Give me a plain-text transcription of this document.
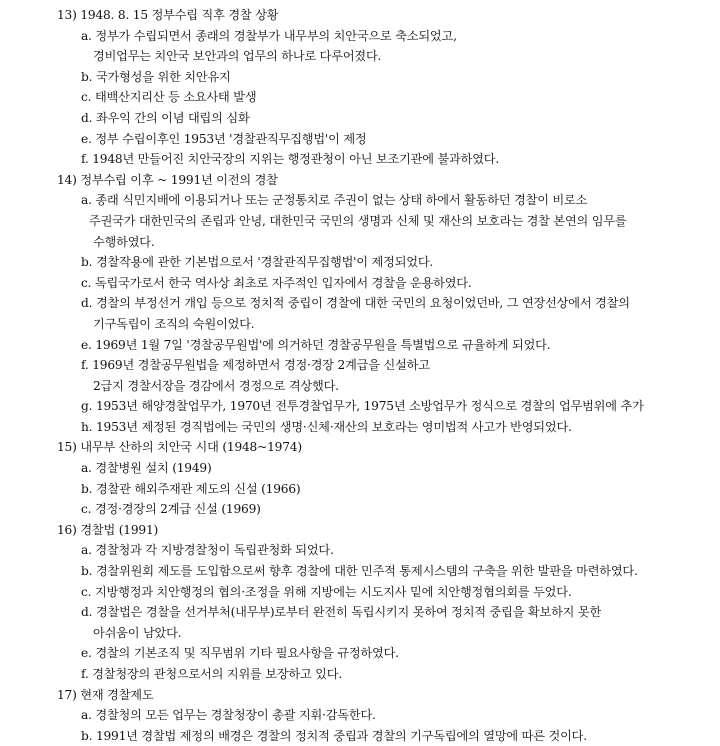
13) 1948. 8. 15 정부수립 직후 경찰 상황
a. 정부가 수립되면서 종래의 경찰부가 내무부의 치안국으로 축소되었고,
경비업무는 치안국 보안과의 업무의 하나로 다루어졌다.
b. 국가형성을 위한 치안유지
c. 태백산지리산 등 소요사태 발생
d. 좌우익 간의 이념 대립의 심화
e. 정부 수립이후인 1953년 '경찰관직무집행법'이 제정
f. 1948년 만들어진 치안국장의 지위는 행정관청이 아닌 보조기관에 불과하였다.
14) 정부수립 이후 ~ 1991년 이전의 경찰
a. 종래 식민지배에 이용되거나 또는 군정통치로 주권이 없는 상태 하에서 활동하던 경찰이 비로소
주권국가 대한민국의 존립과 안녕, 대한민국 국민의 생명과 신체 및 재산의 보호라는 경찰 본연의 임무를
수행하였다.
b. 경찰작용에 관한 기본법으로서 '경찰관직무집행법'이 제정되었다.
c. 독립국가로서 한국 역사상 최초로 자주적인 입자에서 경찰을 운용하였다.
d. 경찰의 부정선거 개입 등으로 정치적 중립이 경찰에 대한 국민의 요청이었던바, 그 연장선상에서 경찰의
기구독립이 조직의 숙원이었다.
e. 1969년 1월 7일 '경찰공무원법'에 의거하던 경찰공무원을 특별법으로 규율하게 되었다.
f. 1969년 경찰공무원법을 제정하면서 경정·경장 2계급을 신설하고
2급지 경찰서장을 경감에서 경정으로 격상했다.
g. 1953년 해양경찰업무가, 1970년 전투경찰업무가, 1975년 소방업무가 정식으로 경찰의 업무범위에 추가
h. 1953년 제정된 경직법에는 국민의 생명·신체·재산의 보호라는 영미법적 사고가 반영되었다.
15) 내무부 산하의 치안국 시대 (1948~1974)
a. 경찰병원 설치 (1949)
b. 경찰관 해외주재관 제도의 신설 (1966)
c. 경정·경장의 2계급 신설 (1969)
16) 경찰법 (1991)
a. 경찰청과 각 지방경찰청이 독립관청화 되었다.
b. 경찰위원회 제도를 도입함으로써 향후 경찰에 대한 민주적 통제시스템의 구축을 위한 발판을 마련하였다.
c. 지방행정과 치안행정의 협의·조정을 위해 지방에는 시도지사 밑에 치안행정협의회를 두었다.
d. 경찰법은 경찰을 선거부처(내무부)로부터 완전히 독립시키지 못하여 정치적 중립을 확보하지 못한
아쉬움이 남았다.
e. 경찰의 기본조직 및 직무범위 기타 필요사항을 규정하였다.
f. 경찰청장의 관청으로서의 지위를 보장하고 있다.
17) 현재 경찰제도
a. 경찰청의 모든 업무는 경찰청장이 총괄 지휘·감독한다.
b. 1991년 경찰법 제정의 배경은 경찰의 정치적 중립과 경찰의 기구독립에의 열망에 따른 것이다.
